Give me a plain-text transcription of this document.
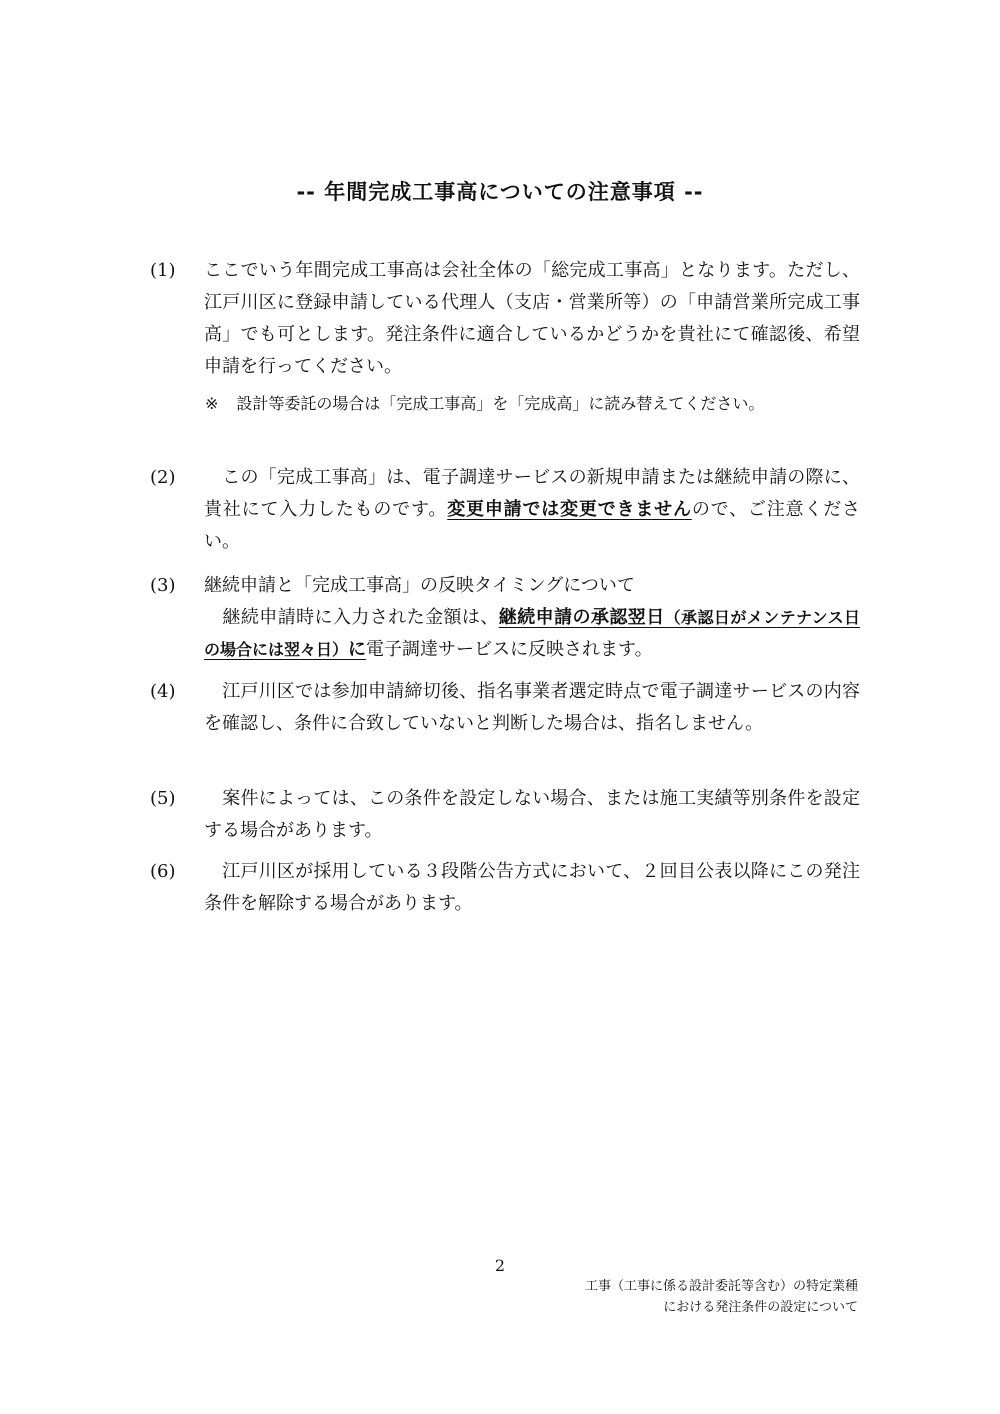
-- 年間完成工事高についての注意事項 --
(1) ここでいう年間完成工事高は会社全体の「総完成工事高」となります。ただし、江戸川区に登録申請している代理人（支店・営業所等）の「申請営業所完成工事高」でも可とします。発注条件に適合しているかどうかを貴社にて確認後、希望申請を行ってください。
※ 設計等委託の場合は「完成工事高」を「完成高」に読み替えてください。
(2) 　この「完成工事高」は、電子調達サービスの新規申請または継続申請の際に、貴社にて入力したものです。変更申請では変更できませんので、ご注意ください。
(3) 継続申請と「完成工事高」の反映タイミングについて
　継続申請時に入力された金額は、継続申請の承認翌日（承認日がメンテナンス日の場合には翌々日）に電子調達サービスに反映されます。
(4) 　江戸川区では参加申請締切後、指名事業者選定時点で電子調達サービスの内容を確認し、条件に合致していないと判断した場合は、指名しません。
(5) 　案件によっては、この条件を設定しない場合、または施工実績等別条件を設定する場合があります。
(6) 　江戸川区が採用している３段階公告方式において、２回目公表以降にこの発注条件を解除する場合があります。
2
工事（工事に係る設計委託等含む）の特定業種
における発注条件の設定について
